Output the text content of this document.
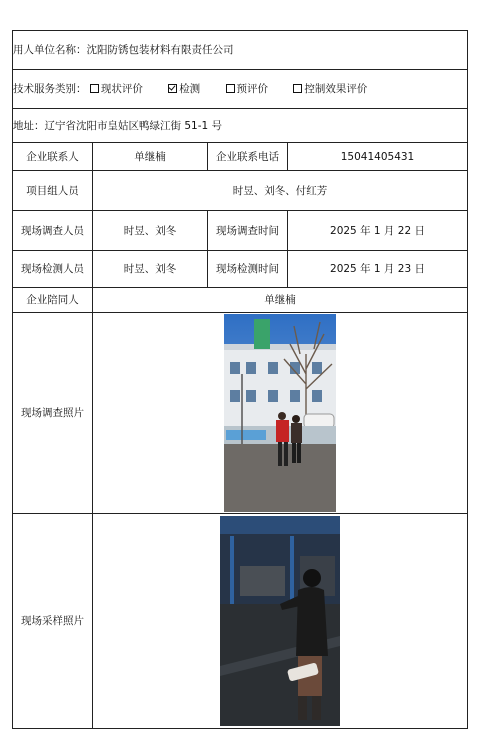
用人单位名称：沈阳防锈包装材料有限责任公司			
技术服务类别： 现状评价 检测 预评价 控制效果评价			
地址：辽宁省沈阳市皇姑区鸭绿江街 51-1 号			
企业联系人	单继楠	企业联系电话	15041405431
项目组人员	时昱、刘冬、付红芳		
现场调查人员	时昱、刘冬	现场调查时间	2025 年 1 月 22 日
现场检测人员	时昱、刘冬	现场检测时间	2025 年 1 月 23 日
企业陪同人	单继楠		
现场调查照片	

现场采样照片	
